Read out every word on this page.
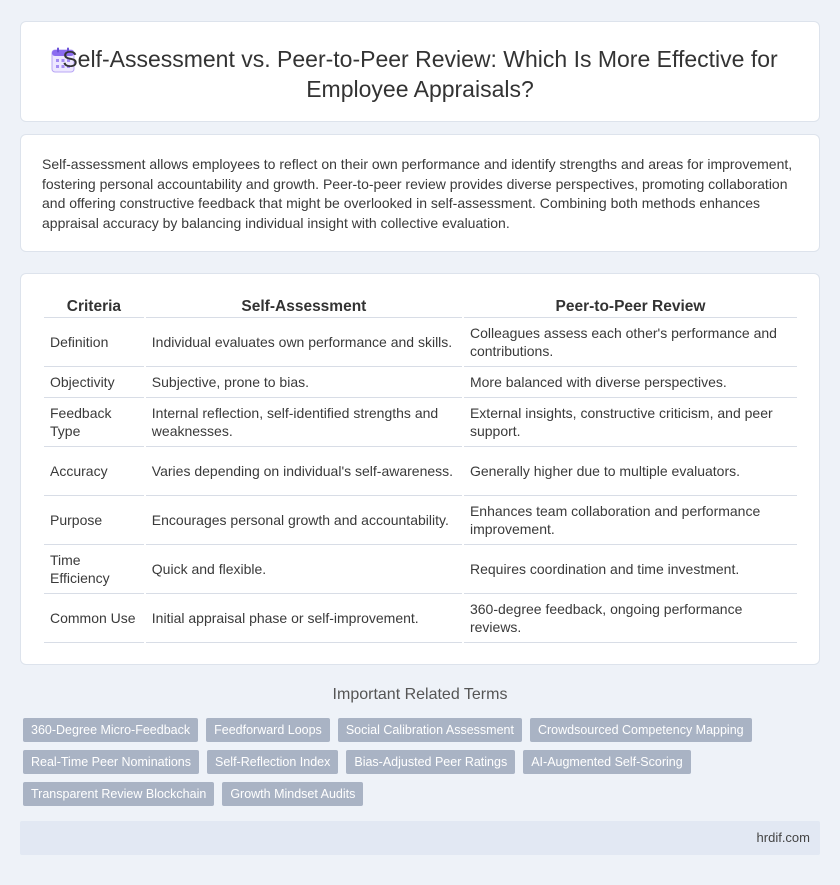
Self-Assessment vs. Peer-to-Peer Review: Which Is More Effective for Employee Appraisals?

Self-assessment allows employees to reflect on their own performance and identify strengths and areas for improvement, fostering personal accountability and growth. Peer-to-peer review provides diverse perspectives, promoting collaboration and offering constructive feedback that might be overlooked in self-assessment. Combining both methods enhances appraisal accuracy by balancing individual insight with collective evaluation.

Criteria	Self-Assessment	Peer-to-Peer Review
Definition	Individual evaluates own performance and skills.	Colleagues assess each other's performance and contributions.
Objectivity	Subjective, prone to bias.	More balanced with diverse perspectives.
Feedback Type	Internal reflection, self-identified strengths and weaknesses.	External insights, constructive criticism, and peer support.
Accuracy	Varies depending on individual's self-awareness.	Generally higher due to multiple evaluators.
Purpose	Encourages personal growth and accountability.	Enhances team collaboration and performance improvement.
Time Efficiency	Quick and flexible.	Requires coordination and time investment.
Common Use	Initial appraisal phase or self-improvement.	360-degree feedback, ongoing performance reviews.
Important Related Terms
360-Degree Micro-Feedback	Feedforward Loops	Social Calibration Assessment	Crowdsourced Competency Mapping
Real-Time Peer Nominations	Self-Reflection Index	Bias-Adjusted Peer Ratings	AI-Augmented Self-Scoring
Transparent Review Blockchain	Growth Mindset Audits
hrdif.com
